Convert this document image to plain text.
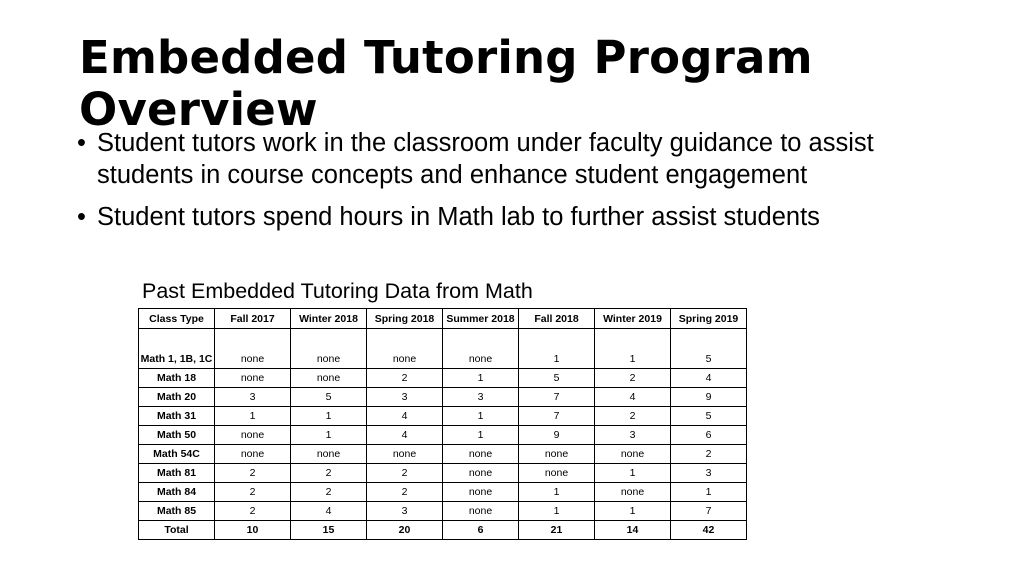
Embedded Tutoring Program Overview
• Student tutors work in the classroom under faculty guidance to assist students in course concepts and enhance student engagement
• Student tutors spend hours in Math lab to further assist students

Past Embedded Tutoring Data from Math

Class Type	Fall 2017	Winter 2018	Spring 2018	Summer 2018	Fall 2018	Winter 2019	Spring 2019
Math 1, 1B, 1C	none	none	none	none	1	1	5
Math 18	none	none	2	1	5	2	4
Math 20	3	5	3	3	7	4	9
Math 31	1	1	4	1	7	2	5
Math 50	none	1	4	1	9	3	6
Math 54C	none	none	none	none	none	none	2
Math 81	2	2	2	none	none	1	3
Math 84	2	2	2	none	1	none	1
Math 85	2	4	3	none	1	1	7
Total	10	15	20	6	21	14	42
